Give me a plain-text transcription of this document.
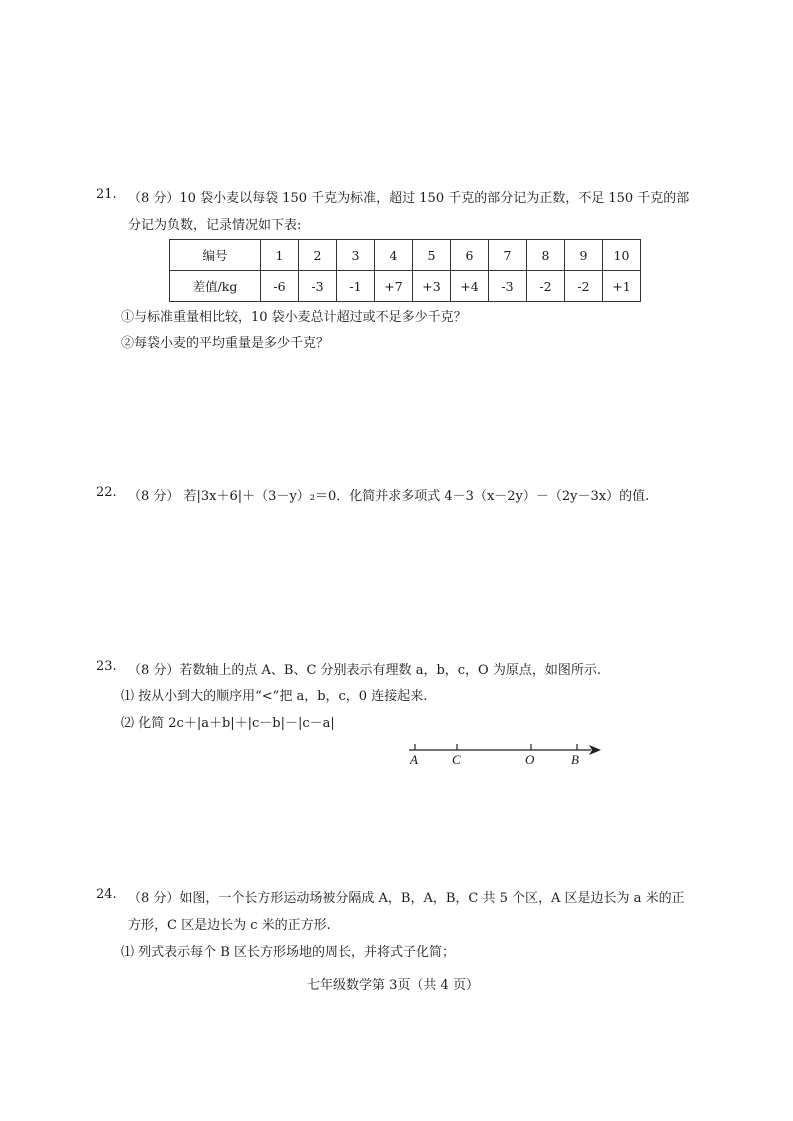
21. （8 分）10 袋小麦以每袋 150 千克为标准，超过 150 千克的部分记为正数，不足 150 千克的部
分记为负数，记录情况如下表:
编号	1	2	3	4	5	6	7	8	9	10
差值/kg	-6	-3	-1	+7	+3	+4	-3	-2	-2	+1
①与标准重量相比较，10 袋小麦总计超过或不足多少千克？
②每袋小麦的平均重量是多少千克？
22. （8 分） 若|3x＋6|＋（3－y）₂＝0．化简并求多项式 4－3（x－2y）－（2y－3x）的值.
23. （8 分）若数轴上的点 A、B、C 分别表示有理数 a，b，c，O 为原点，如图所示.
⑴ 按从小到大的顺序用“<”把 a，b，c，0 连接起来.
⑵ 化简 2c＋|a＋b|＋|c－b|－|c－a|
A	C	O	B
24. （8 分）如图，一个长方形运动场被分隔成 A，B，A，B，C 共 5 个区，A 区是边长为 a 米的正
方形，C 区是边长为 c 米的正方形.
⑴ 列式表示每个 B 区长方形场地的周长，并将式子化简；
七年级数学第 3页（共 4 页）
